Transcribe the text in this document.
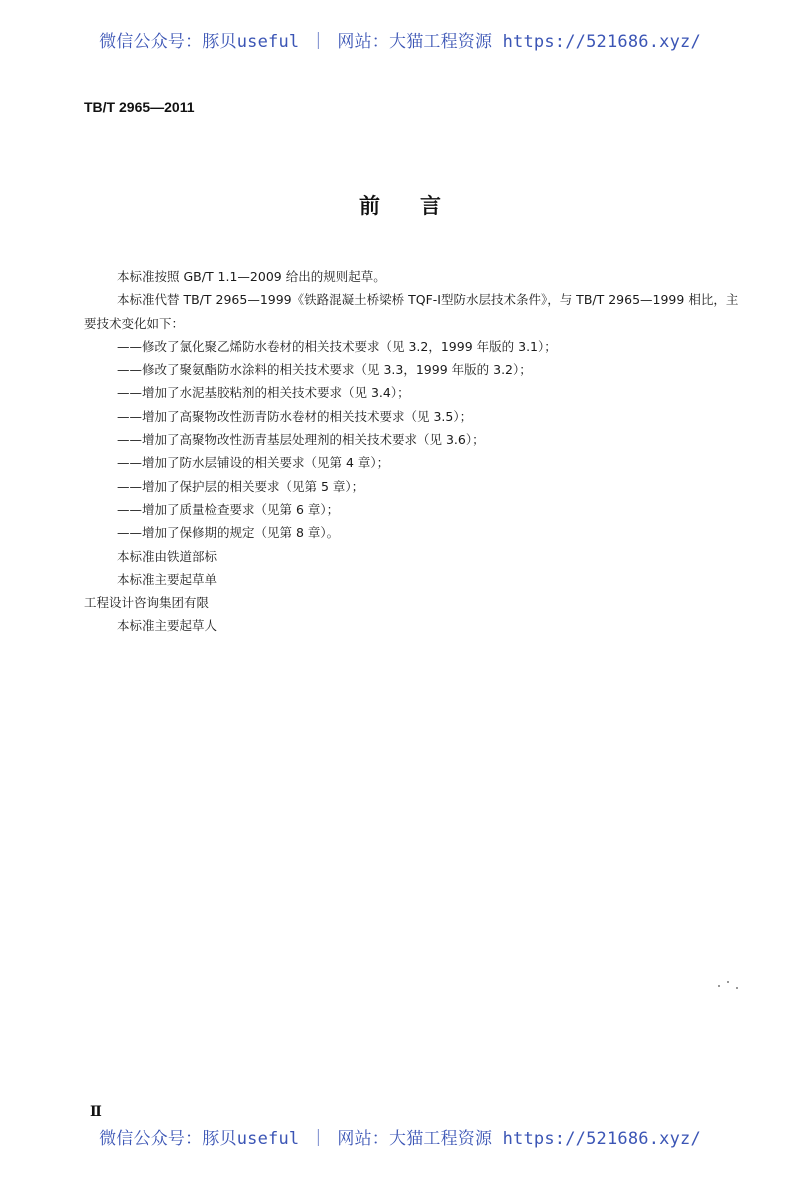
微信公众号：豚贝useful ｜ 网站：大猫工程资源 https://521686.xyz/
TB/T 2965—2011
前言

本标准按照 GB/T 1.1—2009 给出的规则起草。

本标准代替 TB/T 2965—1999《铁路混凝土桥梁桥 TQF-Ⅰ型防水层技术条件》，与 TB/T 2965—1999 相比，主要技术变化如下：

——修改了氯化聚乙烯防水卷材的相关技术要求（见 3.2，1999 年版的 3.1）；

——修改了聚氨酯防水涂料的相关技术要求（见 3.3，1999 年版的 3.2）；

——增加了水泥基胶粘剂的相关技术要求（见 3.4）；

——增加了高聚物改性沥青防水卷材的相关技术要求（见 3.5）；

——增加了高聚物改性沥青基层处理剂的相关技术要求（见 3.6）；

——增加了防水层铺设的相关要求（见第 4 章）；

——增加了保护层的相关要求（见第 5 章）；

——增加了质量检查要求（见第 6 章）；

——增加了保修期的规定（见第 8 章）。

本标准由铁道部标

本标准主要起草单

工程设计咨询集团有限

本标准主要起草人

Ⅱ
微信公众号：豚贝useful ｜ 网站：大猫工程资源 https://521686.xyz/
